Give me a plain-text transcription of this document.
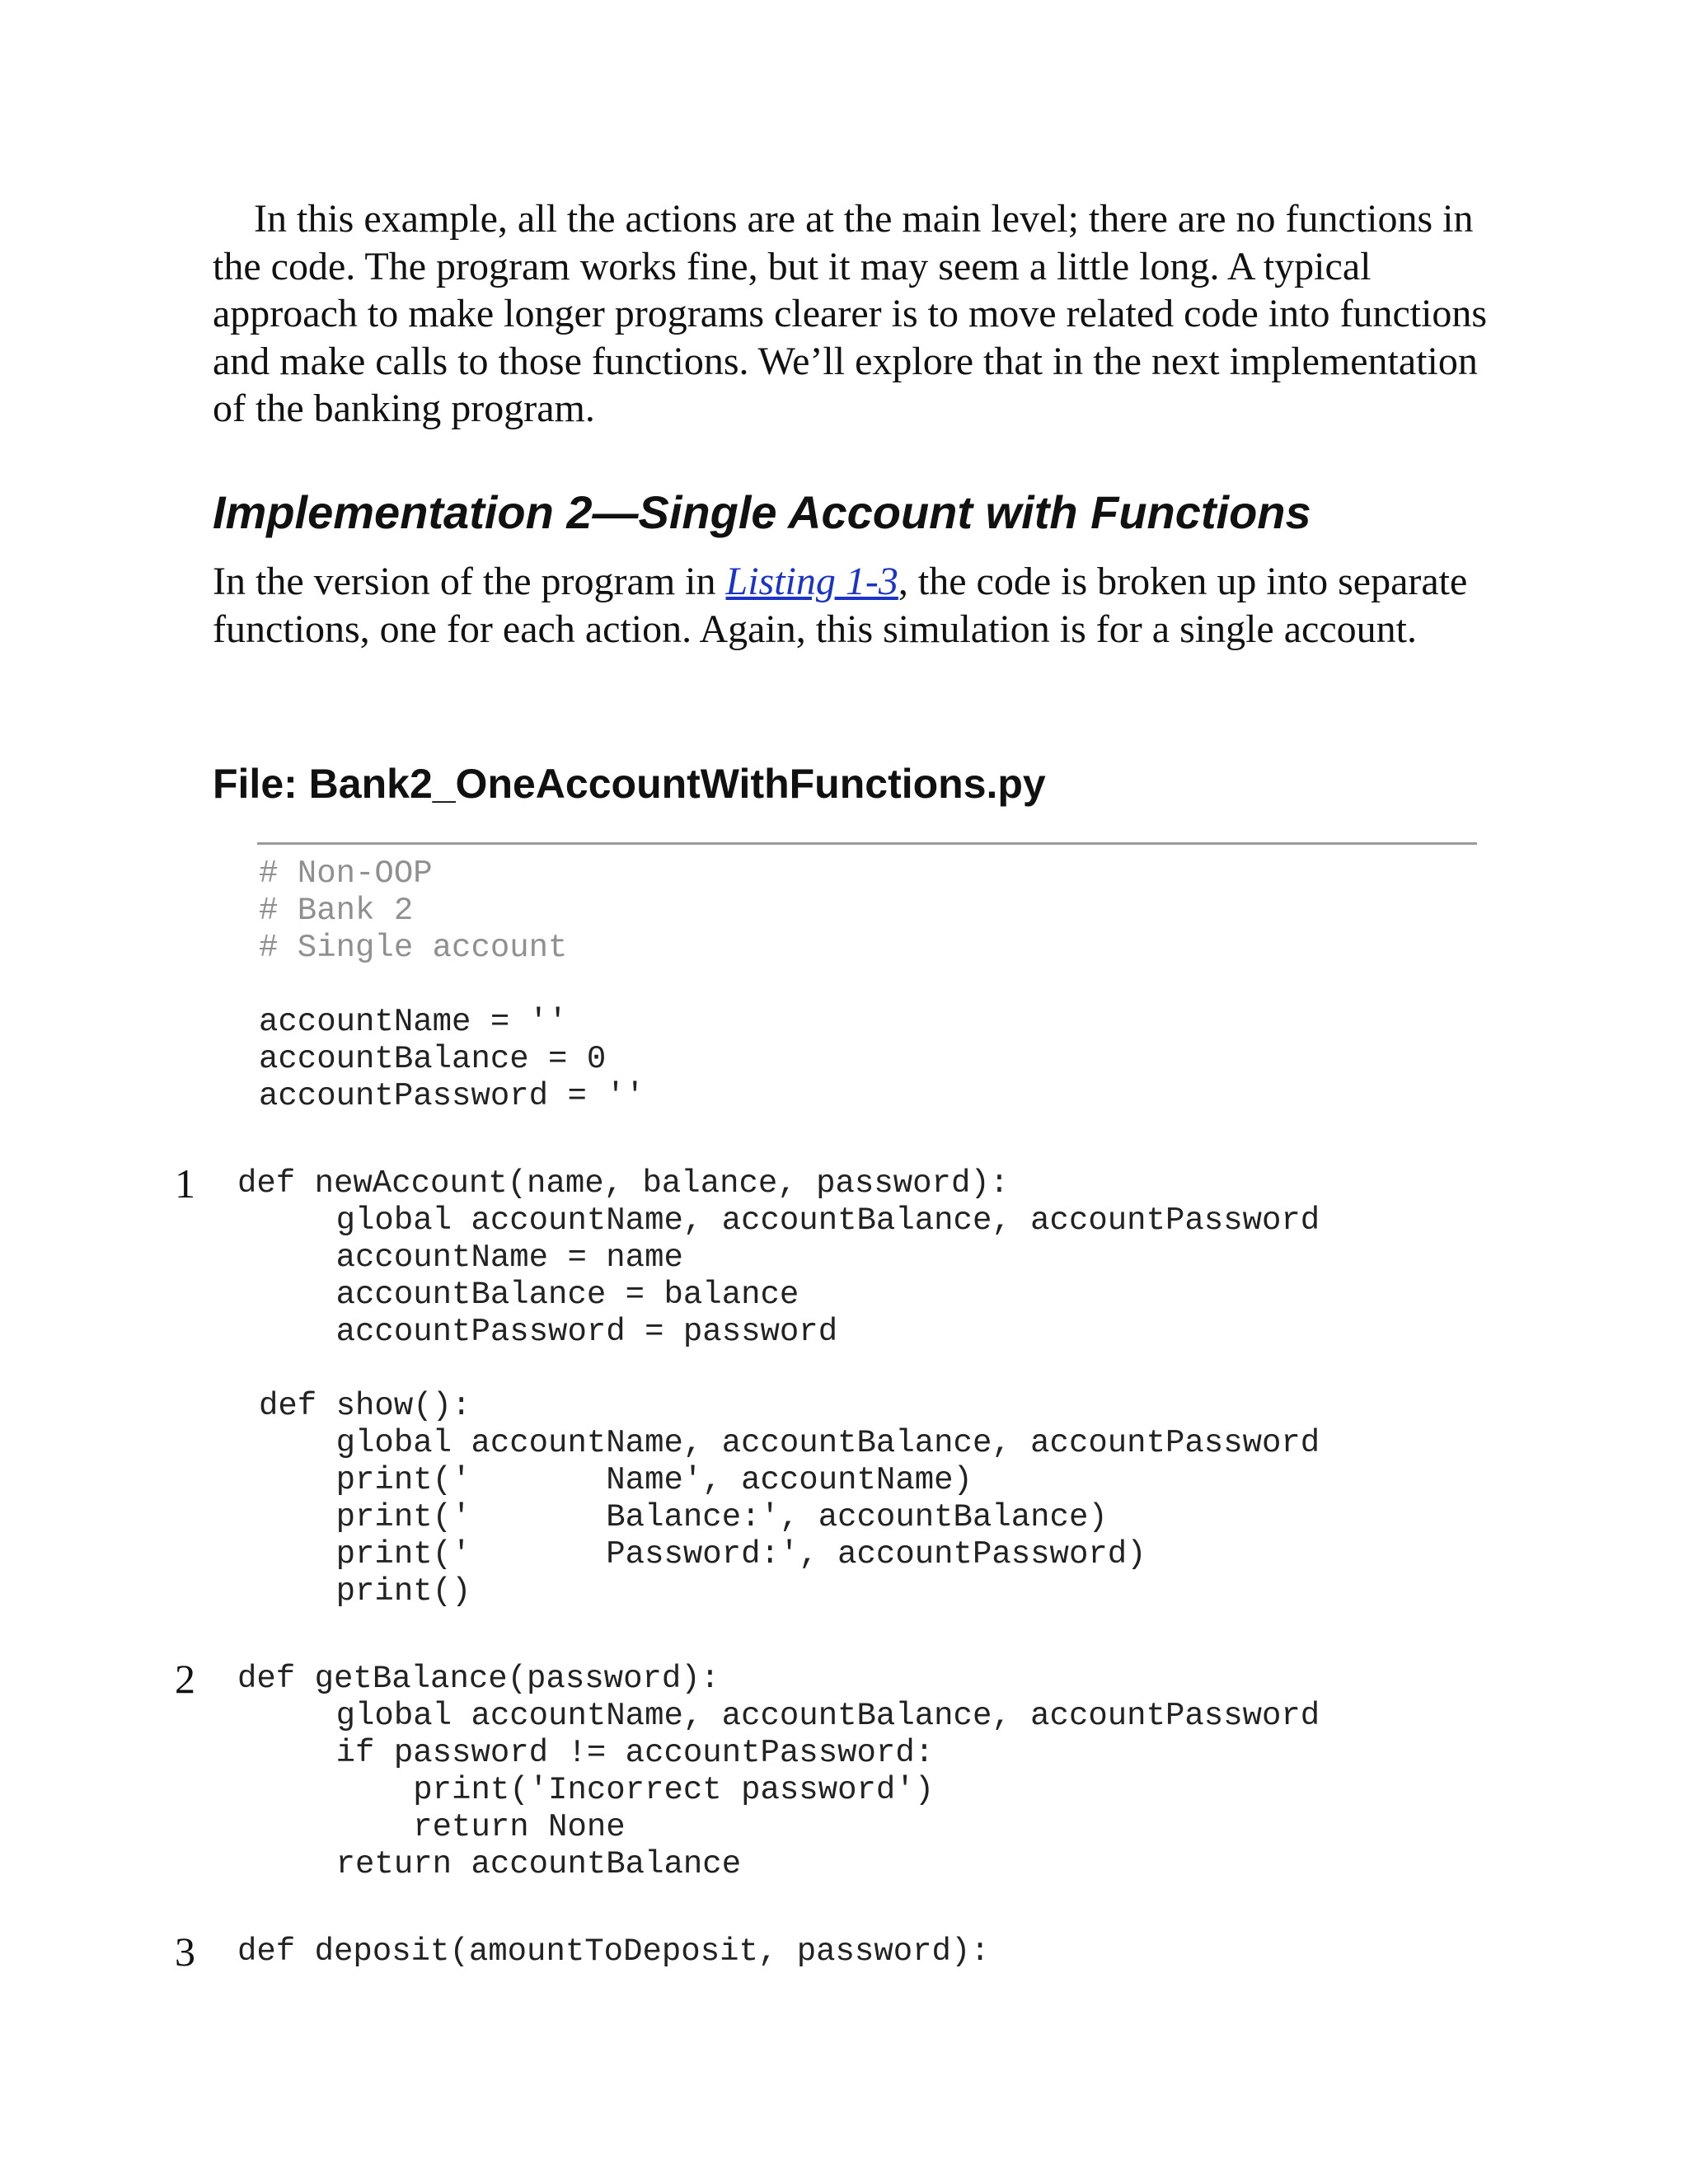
In this example, all the actions are at the main level; there are no functions in the code. The program works fine, but it may seem a little long. A typical approach to make longer programs clearer is to move related code into functions and make calls to those functions. We’ll explore that in the next implementation of the banking program.

Implementation 2—Single Account with Functions

In the version of the program in Listing 1-3, the code is broken up into separate functions, one for each action. Again, this simulation is for a single account.

File: Bank2_OneAccountWithFunctions.py
# Non-OOP
# Bank 2
# Single account
accountName = ''
accountBalance = 0
accountPassword = ''
1	def newAccount(name, balance, password):
global accountName, accountBalance, accountPassword
accountName = name
accountBalance = balance
accountPassword = password
def show():
global accountName, accountBalance, accountPassword
print('       Name', accountName)
print('       Balance:', accountBalance)
print('       Password:', accountPassword)
print()
2	def getBalance(password):
global accountName, accountBalance, accountPassword
if password != accountPassword:
print('Incorrect password')
return None
return accountBalance
3	def deposit(amountToDeposit, password):
